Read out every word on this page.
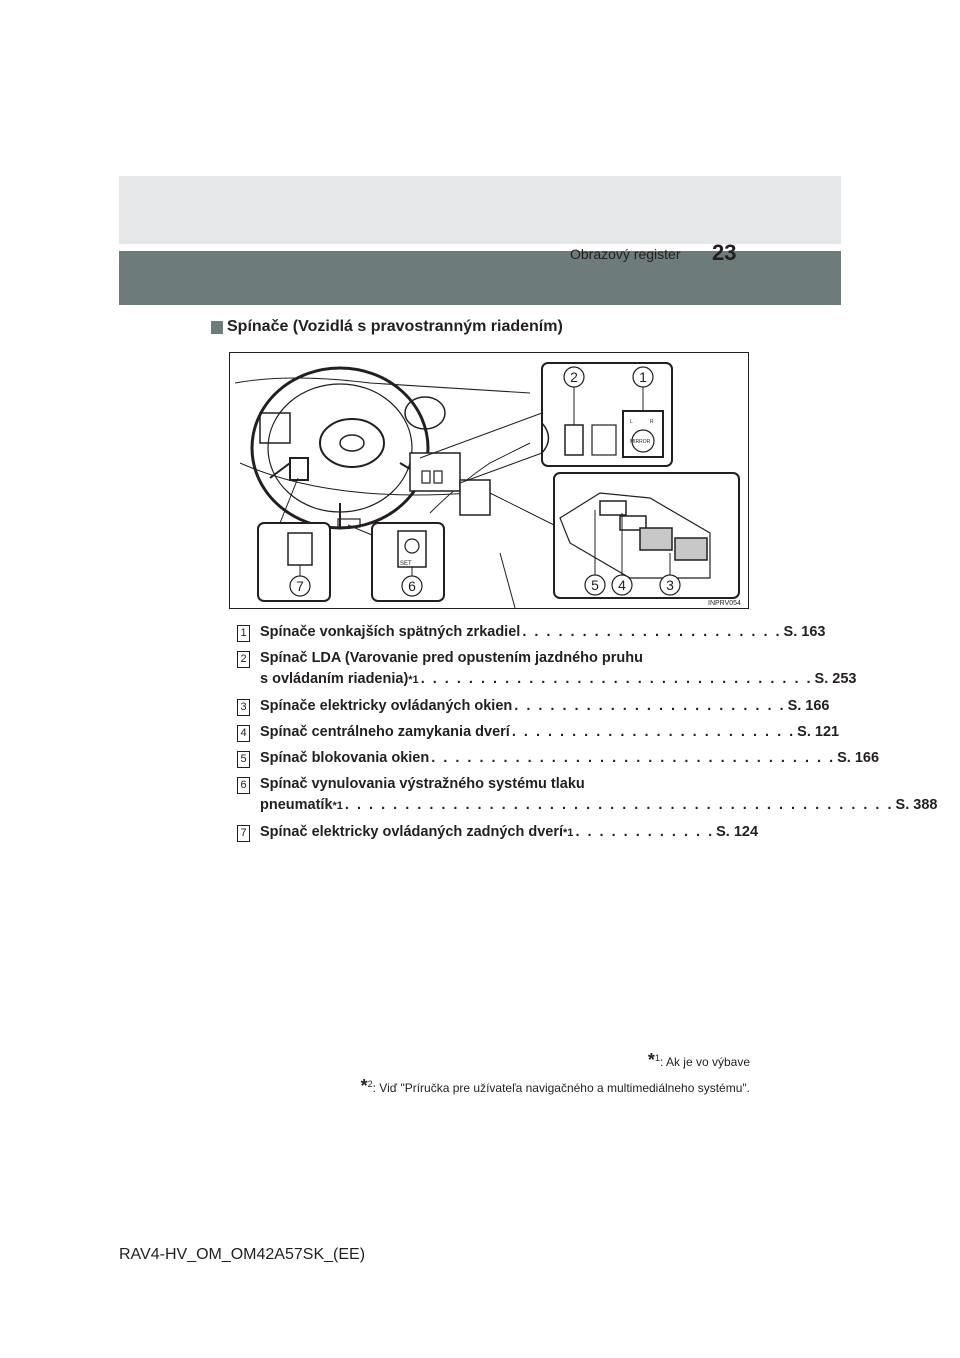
Obrazový register 23
Spínače (Vozidlá s pravostranným riadením)
L	R
MIRROR
2	1
5 4	3
SET
6
7
INPRV054
1 Spínače vonkajších spätných zrkadiel . . . . . . . . . . . . . . . . . . . . . . S. 163
2 Spínač LDA (Varovanie pred opustením jazdného pruhu
s ovládaním riadenia) *1 . . . . . . . . . . . . . . . . . . . . . . . . . . . . . . . . . S. 253
3 Spínače elektricky ovládaných okien . . . . . . . . . . . . . . . . . . . . . . . S. 166
4 Spínač centrálneho zamykania dverí . . . . . . . . . . . . . . . . . . . . . . . . S. 121
5 Spínač blokovania okien . . . . . . . . . . . . . . . . . . . . . . . . . . . . . . . . . . S. 166
6 Spínač vynulovania výstražného systému tlaku
pneumatík *1 . . . . . . . . . . . . . . . . . . . . . . . . . . . . . . . . . . . . . . . . . . . . . . S. 388
7 Spínač elektricky ovládaných zadných dverí *1 . . . . . . . . . . . . S. 124
*$^1$: Ak je vo výbave
*$^2$: Viď "Príručka pre užívateľa navigačného a multimediálneho systému".
RAV4-HV_OM_OM42A57SK_(EE)
